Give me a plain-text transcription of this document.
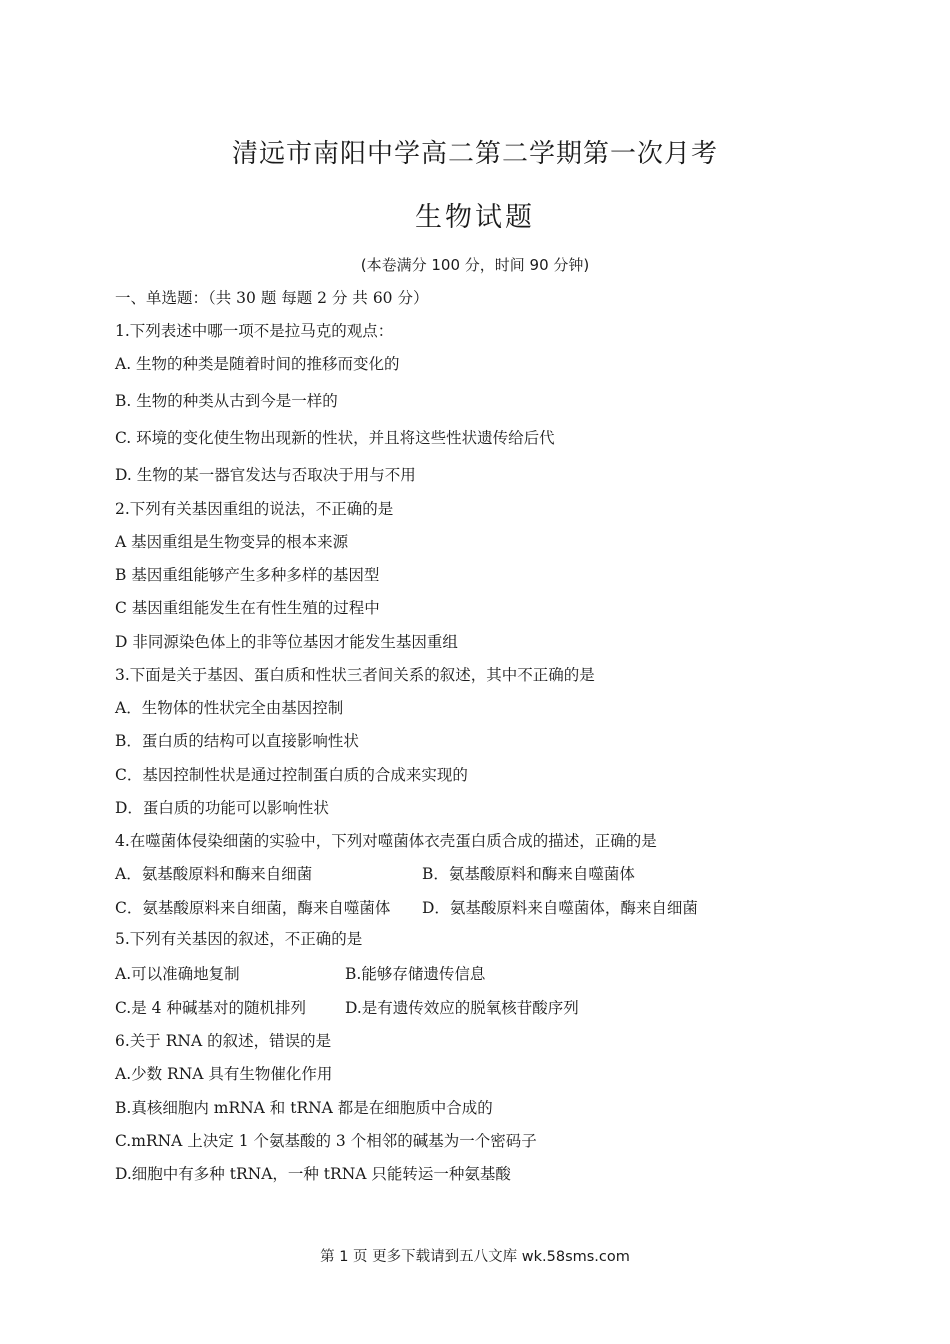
清远市南阳中学高二第二学期第一次月考
生物试题
(本卷满分 100 分，时间 90 分钟)
一、单选题：（共 30 题 每题 2 分 共 60 分）
1.下列表述中哪一项不是拉马克的观点：
A. 生物的种类是随着时间的推移而变化的
B. 生物的种类从古到今是一样的
C. 环境的变化使生物出现新的性状，并且将这些性状遗传给后代
D. 生物的某一器官发达与否取决于用与不用
2.下列有关基因重组的说法，不正确的是
A 基因重组是生物变异的根本来源
B 基因重组能够产生多种多样的基因型
C 基因重组能发生在有性生殖的过程中
D 非同源染色体上的非等位基因才能发生基因重组
3.下面是关于基因、蛋白质和性状三者间关系的叙述，其中不正确的是
A．生物体的性状完全由基因控制
B．蛋白质的结构可以直接影响性状
C．基因控制性状是通过控制蛋白质的合成来实现的
D．蛋白质的功能可以影响性状
4.在噬菌体侵染细菌的实验中，下列对噬菌体衣壳蛋白质合成的描述，正确的是
A．氨基酸原料和酶来自细菌	B．氨基酸原料和酶来自噬菌体
C．氨基酸原料来自细菌，酶来自噬菌体 D．氨基酸原料来自噬菌体，酶来自细菌
5.下列有关基因的叙述，不正确的是
A.可以准确地复制	B.能够存储遗传信息
C.是 4 种碱基对的随机排列	D.是有遗传效应的脱氧核苷酸序列
6.关于 RNA 的叙述，错误的是
A.少数 RNA 具有生物催化作用
B.真核细胞内 mRNA 和 tRNA 都是在细胞质中合成的
C.mRNA 上决定 1 个氨基酸的 3 个相邻的碱基为一个密码子
D.细胞中有多种 tRNA，一种 tRNA 只能转运一种氨基酸
第 1 页 更多下载请到五八文库 wk.58sms.com
